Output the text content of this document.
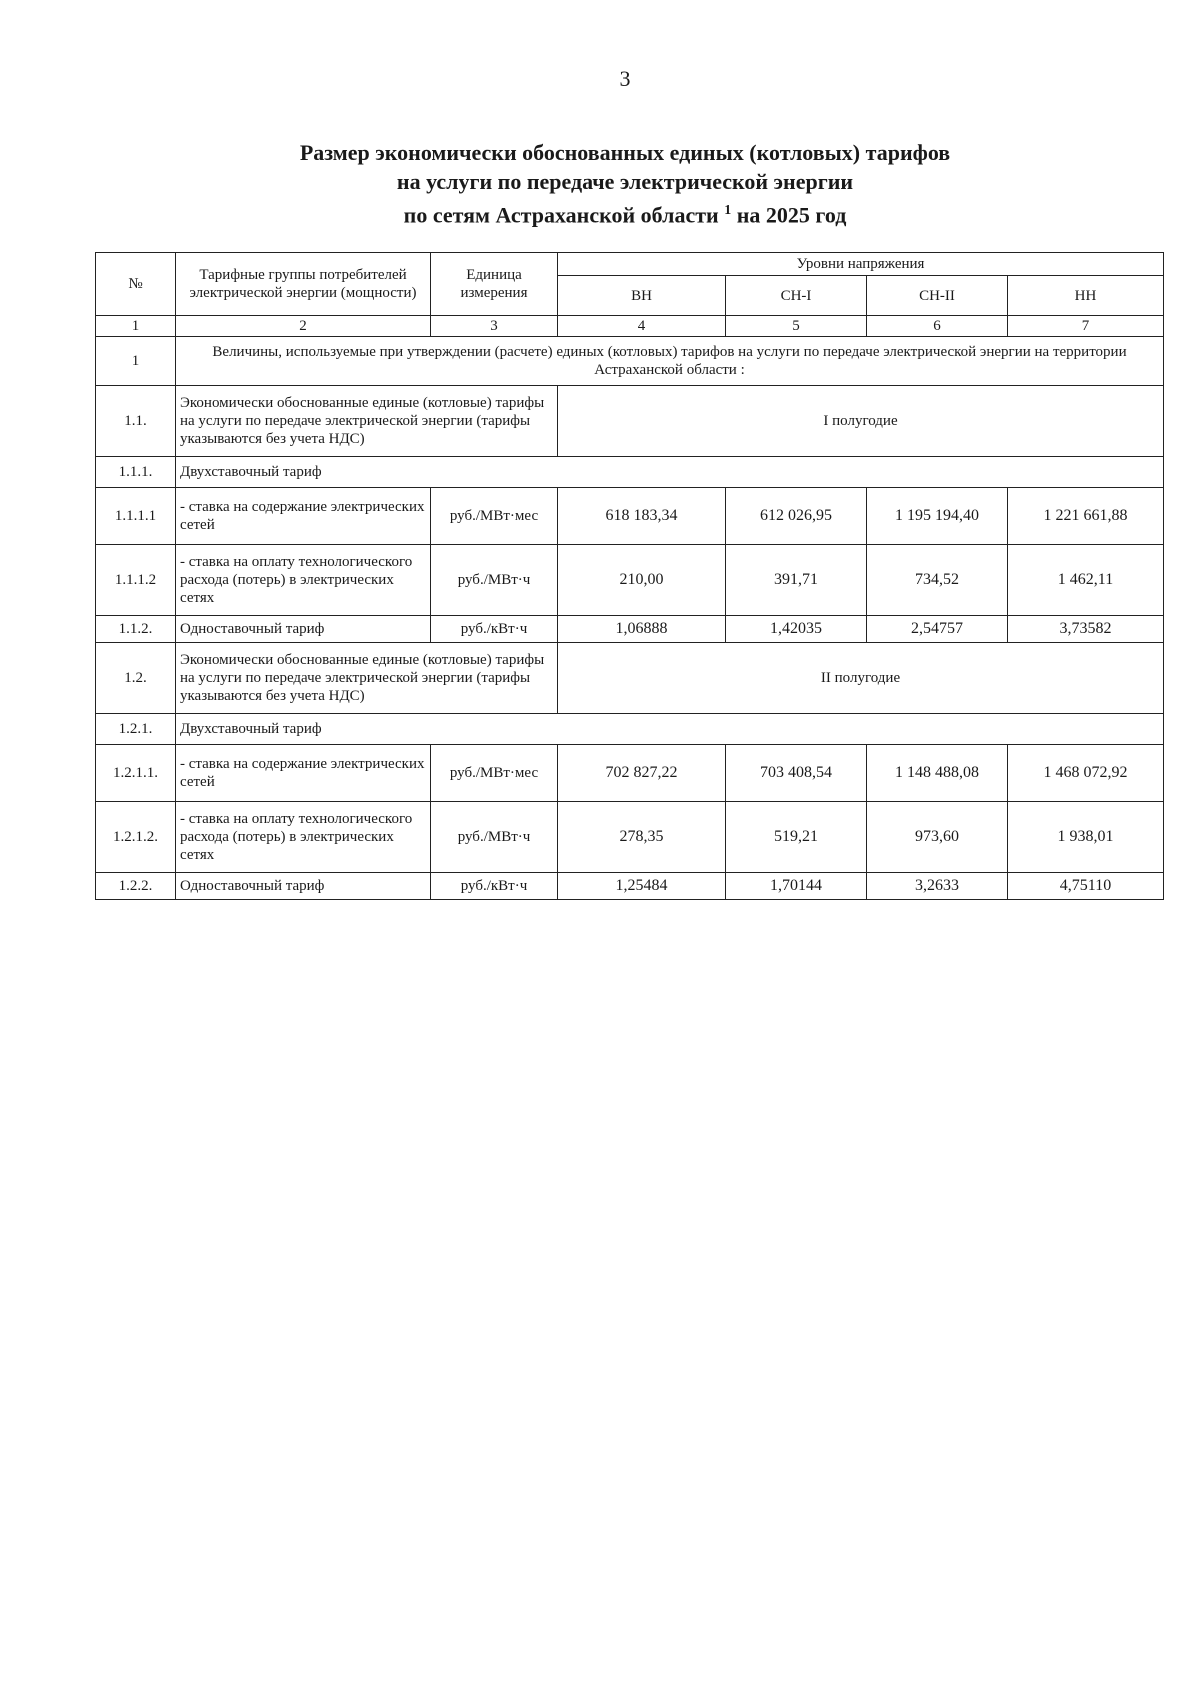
3
Размер экономически обоснованных единых (котловых) тарифов
на услуги по передаче электрической энергии
по сетям Астраханской области $^1$ на 2025 год
№	Тарифные группы потребителей электрической энергии (мощности)	Единица измерения	Уровни напряжения			
			ВН	СН-I	СН-II	НН
1	2	3	4	5	6	7
1	Величины, используемые при утверждении (расчете) единых (котловых) тарифов на услуги по передаче электрической энергии на территории Астраханской области :					
1.1.	Экономически обоснованные единые (котловые) тарифы на услуги по передаче электрической энергии (тарифы указываются без учета НДС)		I полугодие			
1.1.1.	Двухставочный тариф					
1.1.1.1	- ставка на содержание электрических сетей	руб./МВт·мес	618 183,34	612 026,95	1 195 194,40	1 221 661,88
1.1.1.2	- ставка на оплату технологического расхода (потерь) в электрических сетях	руб./МВт·ч	210,00	391,71	734,52	1 462,11
1.1.2.	Одноставочный тариф	руб./кВт·ч	1,06888	1,42035	2,54757	3,73582
1.2.	Экономически обоснованные единые (котловые) тарифы на услуги по передаче электрической энергии (тарифы указываются без учета НДС)		II полугодие			
1.2.1.	Двухставочный тариф					
1.2.1.1.	- ставка на содержание электрических сетей	руб./МВт·мес	702 827,22	703 408,54	1 148 488,08	1 468 072,92
1.2.1.2.	- ставка на оплату технологического расхода (потерь) в электрических сетях	руб./МВт·ч	278,35	519,21	973,60	1 938,01
1.2.2.	Одноставочный тариф	руб./кВт·ч	1,25484	1,70144	3,2633	4,75110
